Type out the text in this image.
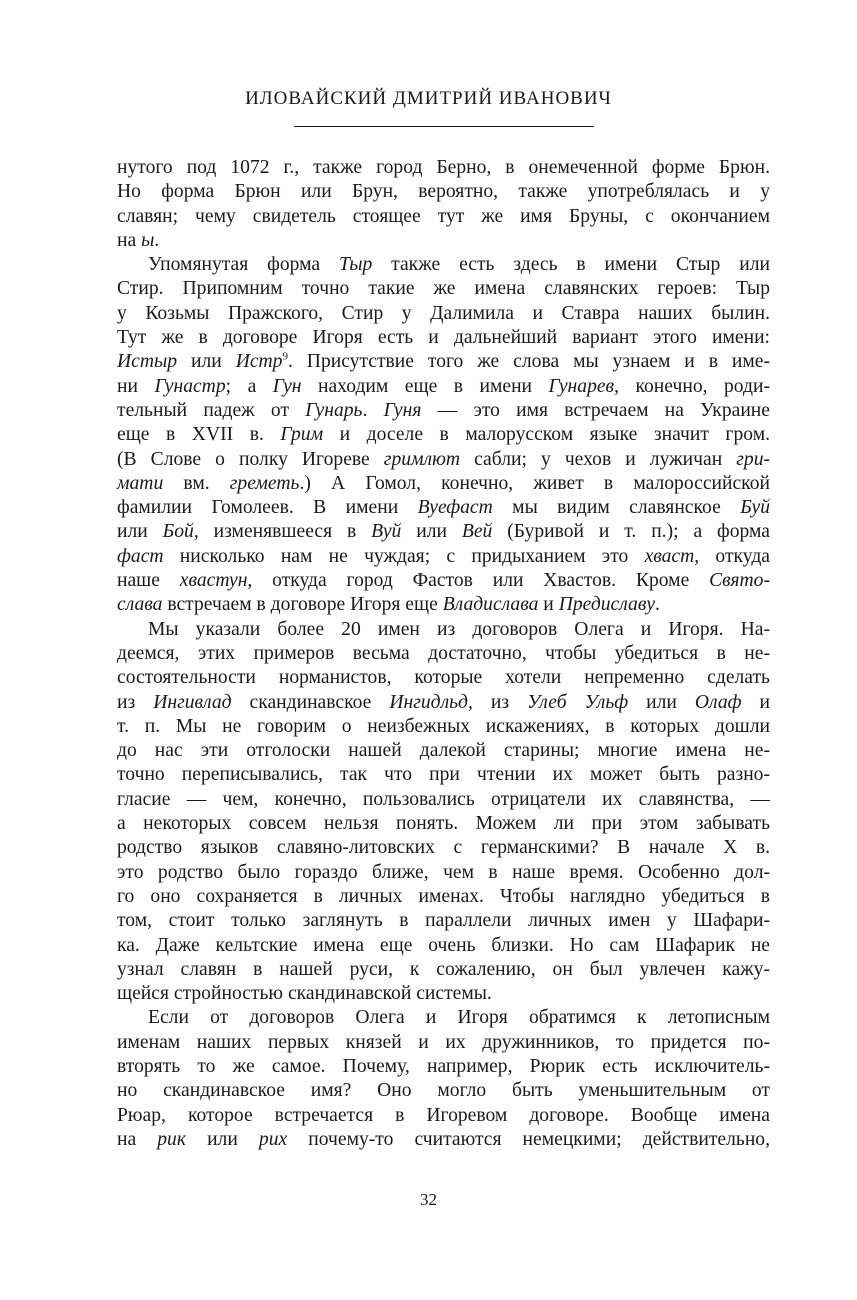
ИЛОВАЙСКИЙ ДМИТРИЙ ИВАНОВИЧ
нутого под 1072 г., также город Берно, в онемеченной форме Брюн.
Но форма Брюн или Брун, вероятно, также употреблялась и у
славян; чему свидетель стоящее тут же имя Бруны, с окончанием
на ы.
Упомянутая форма Тыр также есть здесь в имени Стыр или
Стир. Припомним точно такие же имена славянских героев: Тыр
у Козьмы Пражского, Стир у Далимила и Ставра наших былин.
Тут же в договоре Игоря есть и дальнейший вариант этого имени:
Истыр или Истр$^9$. Присутствие того же слова мы узнаем и в име-
ни Гунастр; а Гун находим еще в имени Гунарев, конечно, роди-
тельный падеж от Гунарь. Гуня — это имя встречаем на Украине
еще в XVII в. Грим и доселе в малорусском языке значит гром.
(В Слове о полку Игореве гримлют сабли; у чехов и лужичан гри-
мати вм. греметь.) А Гомол, конечно, живет в малороссийской
фамилии Гомолеев. В имени Вуефаст мы видим славянское Буй
или Бой, изменявшееся в Вуй или Вей (Буривой и т. п.); а форма
фаст нисколько нам не чуждая; с придыханием это хваст, откуда
наше хвастун, откуда город Фастов или Хвастов. Кроме Свято-
слава встречаем в договоре Игоря еще Владислава и Предиславу.
Мы указали более 20 имен из договоров Олега и Игоря. На-
деемся, этих примеров весьма достаточно, чтобы убедиться в не-
состоятельности норманистов, которые хотели непременно сделать
из Ингивлад скандинавское Ингидльд, из Улеб Ульф или Олаф и
т. п. Мы не говорим о неизбежных искажениях, в которых дошли
до нас эти отголоски нашей далекой старины; многие имена не-
точно переписывались, так что при чтении их может быть разно-
гласие — чем, конечно, пользовались отрицатели их славянства, —
а некоторых совсем нельзя понять. Можем ли при этом забывать
родство языков славяно-литовских с германскими? В начале X в.
это родство было гораздо ближе, чем в наше время. Особенно дол-
го оно сохраняется в личных именах. Чтобы наглядно убедиться в
том, стоит только заглянуть в параллели личных имен у Шафари-
ка. Даже кельтские имена еще очень близки. Но сам Шафарик не
узнал славян в нашей руси, к сожалению, он был увлечен кажу-
щейся стройностью скандинавской системы.
Если от договоров Олега и Игоря обратимся к летописным
именам наших первых князей и их дружинников, то придется по-
вторять то же самое. Почему, например, Рюрик есть исключитель-
но скандинавское имя? Оно могло быть уменьшительным от
Рюар, которое встречается в Игоревом договоре. Вообще имена
на рик или рих почему-то считаются немецкими; действительно,
32
